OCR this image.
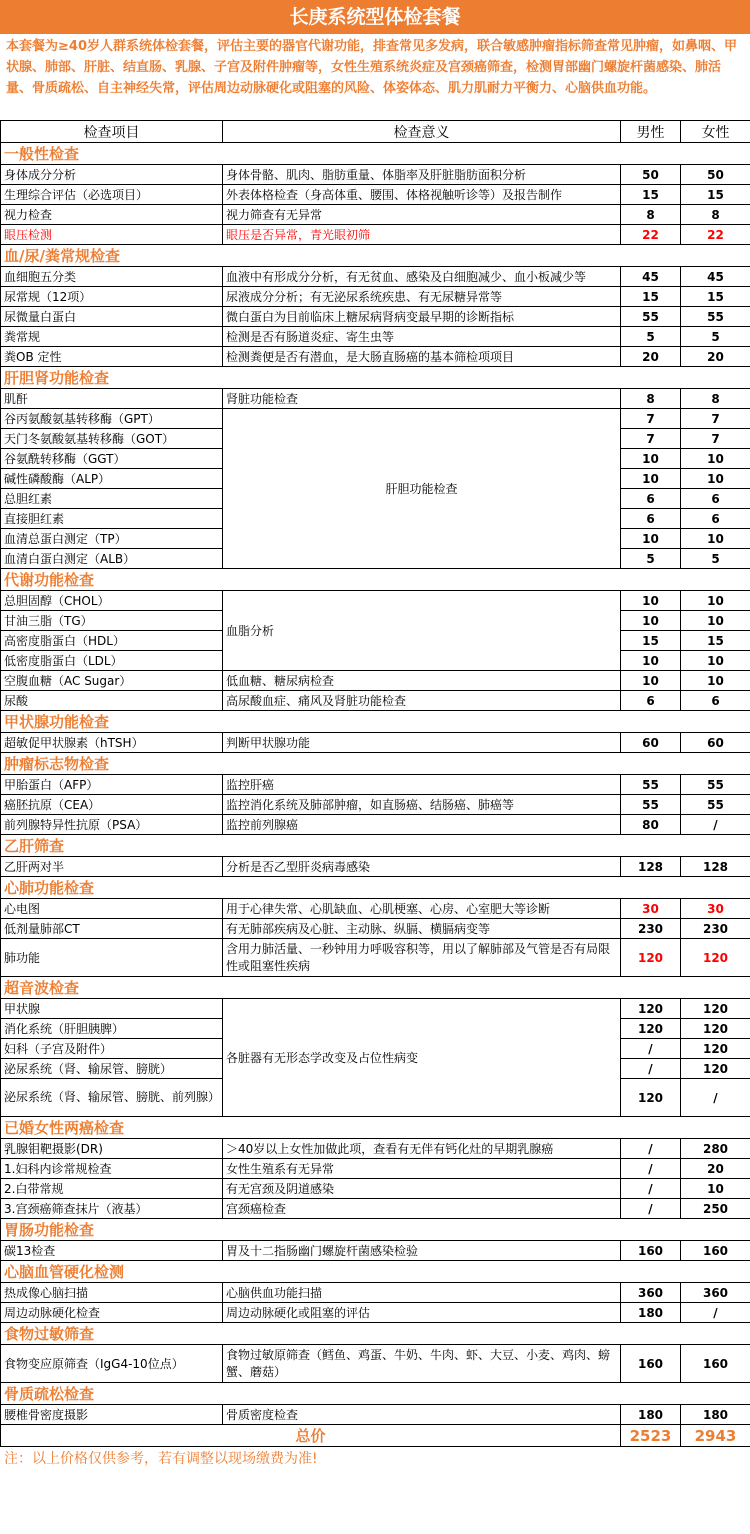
长庚系统型体检套餐
本套餐为≥40岁人群系统体检套餐，评估主要的器官代谢功能，排查常见多发病，联合敏感肿瘤指标筛查常见肿瘤，如鼻咽、甲状腺、肺部、肝脏、结直肠、乳腺、子宫及附件肿瘤等，女性生殖系统炎症及宫颈癌筛查，检测胃部幽门螺旋杆菌感染、肺活量、骨质疏松、自主神经失常，评估周边动脉硬化或阻塞的风险、体姿体态、肌力肌耐力平衡力、心脑供血功能。
检查项目	检查意义	男性	女性
一般性检查			
身体成分分析	身体骨骼、肌肉、脂肪重量、体脂率及肝脏脂肪面积分析	50	50
生理综合评估（必选项目）	外表体格检查（身高体重、腰围、体格视触听诊等）及报告制作	15	15
视力检查	视力筛查有无异常	8	8
眼压检测	眼压是否异常，青光眼初筛	22	22
血/尿/粪常规检查			
血细胞五分类	血液中有形成分分析，有无贫血、感染及白细胞减少、血小板减少等	45	45
尿常规（12项）	尿液成分分析；有无泌尿系统疾患、有无尿糖异常等	15	15
尿微量白蛋白	微白蛋白为目前临床上糖尿病肾病变最早期的诊断指标	55	55
粪常规	检测是否有肠道炎症、寄生虫等	5	5
粪OB 定性	检测粪便是否有潜血，是大肠直肠癌的基本筛检项项目	20	20
肝胆肾功能检查			
肌酐	肾脏功能检查	8	8
谷丙氨酸氨基转移酶（GPT）	肝胆功能检查	7	7
天门冬氨酸氨基转移酶（GOT）		7	7
谷氨酰转移酶（GGT）		10	10
碱性磷酸酶（ALP）		10	10
总胆红素		6	6
直接胆红素		6	6
血清总蛋白测定（TP）		10	10
血清白蛋白测定（ALB）		5	5
代谢功能检查			
总胆固醇（CHOL）	血脂分析	10	10
甘油三脂（TG）		10	10
高密度脂蛋白（HDL）		15	15
低密度脂蛋白（LDL）		10	10
空腹血糖（AC Sugar）	低血糖、糖尿病检查	10	10
尿酸	高尿酸血症、痛风及肾脏功能检查	6	6
甲状腺功能检查			
超敏促甲状腺素（hTSH）	判断甲状腺功能	60	60
肿瘤标志物检查			
甲胎蛋白（AFP）	监控肝癌	55	55
癌胚抗原（CEA）	监控消化系统及肺部肿瘤，如直肠癌、结肠癌、肺癌等	55	55
前列腺特异性抗原（PSA）	监控前列腺癌	80	/
乙肝筛查			
乙肝两对半	分析是否乙型肝炎病毒感染	128	128
心肺功能检查			
心电图	用于心律失常、心肌缺血、心肌梗塞、心房、心室肥大等诊断	30	30
低剂量肺部CT	有无肺部疾病及心脏、主动脉、纵膈、横膈病变等	230	230
肺功能	含用力肺活量、一秒钟用力呼吸容积等，用以了解肺部及气管是否有局限性或阻塞性疾病	120	120
超音波检查			
甲状腺	各脏器有无形态学改变及占位性病变	120	120
消化系统（肝胆胰脾）		120	120
妇科（子宫及附件）		/	120
泌尿系统（肾、输尿管、膀胱）		/	120
泌尿系统（肾、输尿管、膀胱、前列腺）		120	/
已婚女性两癌检查			
乳腺钼靶摄影(DR)	＞40岁以上女性加做此项，查看有无伴有钙化灶的早期乳腺癌	/	280
1.妇科内诊常规检查	女性生殖系有无异常	/	20
2.白带常规	有无宫颈及阴道感染	/	10
3.宫颈癌筛查抹片（液基）	宫颈癌检查	/	250
胃肠功能检查			
碳13检查	胃及十二指肠幽门螺旋杆菌感染检验	160	160
心脑血管硬化检测			
热成像心脑扫描	心脑供血功能扫描	360	360
周边动脉硬化检查	周边动脉硬化或阻塞的评估	180	/
食物过敏筛查			
食物变应原筛查（IgG4-10位点）	食物过敏原筛查（鳕鱼、鸡蛋、牛奶、牛肉、虾、大豆、小麦、鸡肉、螃蟹、蘑菇）	160	160
骨质疏松检查			
腰椎骨密度摄影	骨质密度检查	180	180
总价		2523	2943
注：以上价格仅供参考，若有调整以现场缴费为准!
